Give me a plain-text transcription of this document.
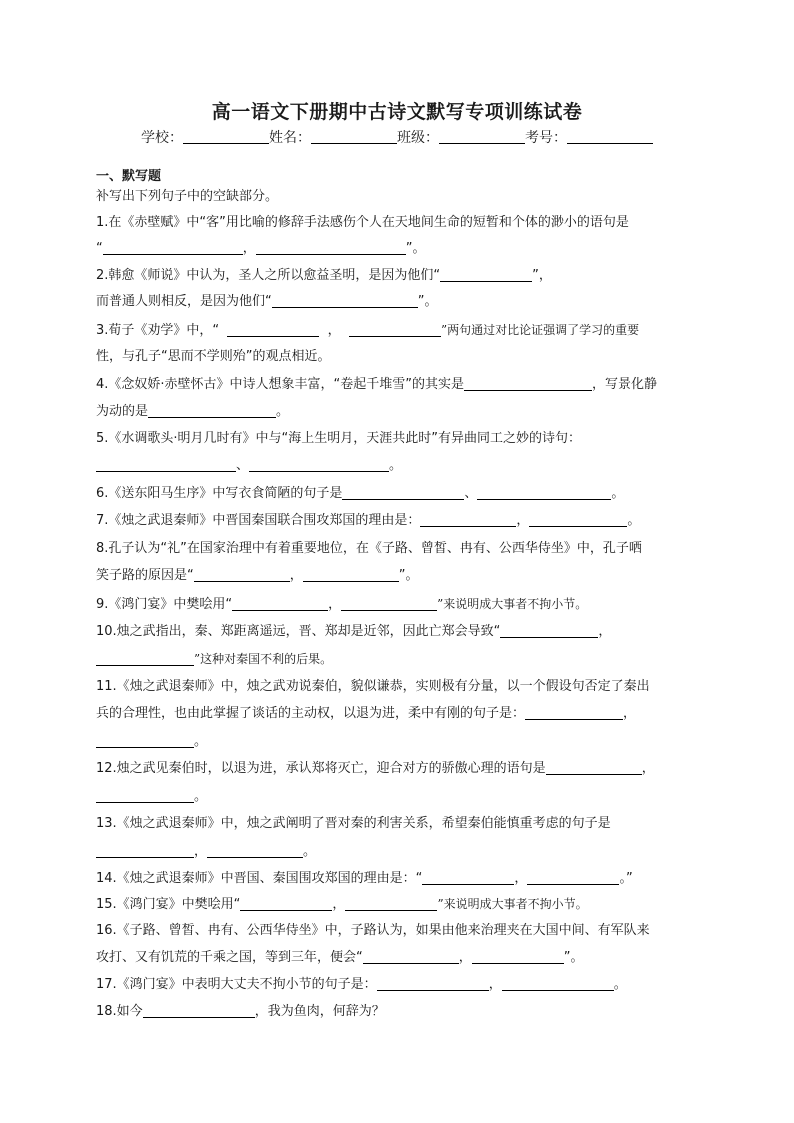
高一语文下册期中古诗文默写专项训练试卷
学校：	姓名：	班级：	考号：
一、默写题
补写出下列句子中的空缺部分。
1.在《赤壁赋》中“客”用比喻的修辞手法感伤个人在天地间生命的短暂和个体的渺小的语句是
“	，	”。
2.韩愈《师说》中认为，圣人之所以愈益圣明，是因为他们“	”，
而普通人则相反，是因为他们“	”。
3.荀子《劝学》中，“	，	”两句通过对比论证强调了学习的重要
性，与孔子“思而不学则殆”的观点相近。
4.《念奴娇·赤壁怀古》中诗人想象丰富，“卷起千堆雪”的其实是	，写景化静
为动的是	。
5.《水调歌头·明月几时有》中与“海上生明月，天涯共此时”有异曲同工之妙的诗句：
、	。
6.《送东阳马生序》中写衣食简陋的句子是	、	。
7.《烛之武退秦师》中晋国秦国联合围攻郑国的理由是：	，	。
8.孔子认为“礼”在国家治理中有着重要地位，在《子路、曾皙、冉有、公西华侍坐》中，孔子哂
笑子路的原因是“	，	”。
9.《鸿门宴》中樊哙用“	，	”来说明成大事者不拘小节。
10.烛之武指出，秦、郑距离遥远，晋、郑却是近邻，因此亡郑会导致“	，
”这种对秦国不利的后果。
11.《烛之武退秦师》中，烛之武劝说秦伯，貌似谦恭，实则极有分量，以一个假设句否定了秦出
兵的合理性，也由此掌握了谈话的主动权，以退为进，柔中有刚的句子是：	，
。
12.烛之武见秦伯时，以退为进，承认郑将灭亡，迎合对方的骄傲心理的语句是	，
。
13.《烛之武退秦师》中，烛之武阐明了晋对秦的利害关系，希望秦伯能慎重考虑的句子是
，	。
14.《烛之武退秦师》中晋国、秦国围攻郑国的理由是：“	，	。”
15.《鸿门宴》中樊哙用“	，	”来说明成大事者不拘小节。
16.《子路、曾皙、冉有、公西华侍坐》中，子路认为，如果由他来治理夹在大国中间、有军队来
攻打、又有饥荒的千乘之国，等到三年，便会“	，	”。
17.《鸿门宴》中表明大丈夫不拘小节的句子是：	，	。
18.如今	，我为鱼肉，何辞为？
